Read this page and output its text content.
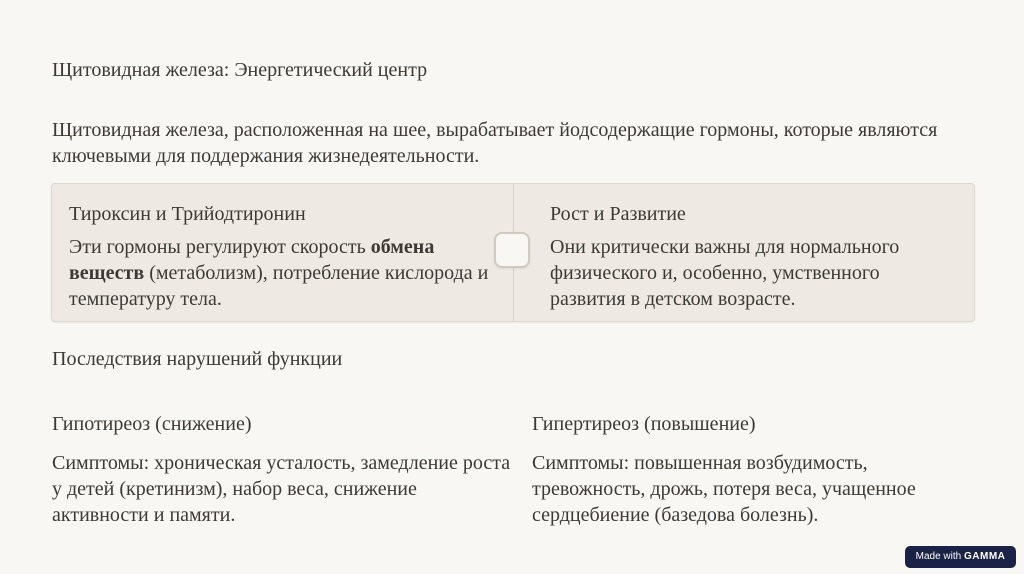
Щитовидная железа: Энергетический центр
Щитовидная железа, расположенная на шее, вырабатывает йодсодержащие гормоны, которые являются ключевыми для поддержания жизнедеятельности.
Тироксин и Трийодтиронин
Эти гормоны регулируют скорость обмена веществ (метаболизм), потребление кислорода и температуру тела.
Рост и Развитие
Они критически важны для нормального физического и, особенно, умственного развития в детском возрасте.
Последствия нарушений функции
Гипотиреоз (снижение)
Симптомы: хроническая усталость, замедление роста у детей (кретинизм), набор веса, снижение активности и памяти.
Гипертиреоз (повышение)
Симптомы: повышенная возбудимость, тревожность, дрожь, потеря веса, учащенное сердцебиение (базедова болезнь).
Made with GAMMA
